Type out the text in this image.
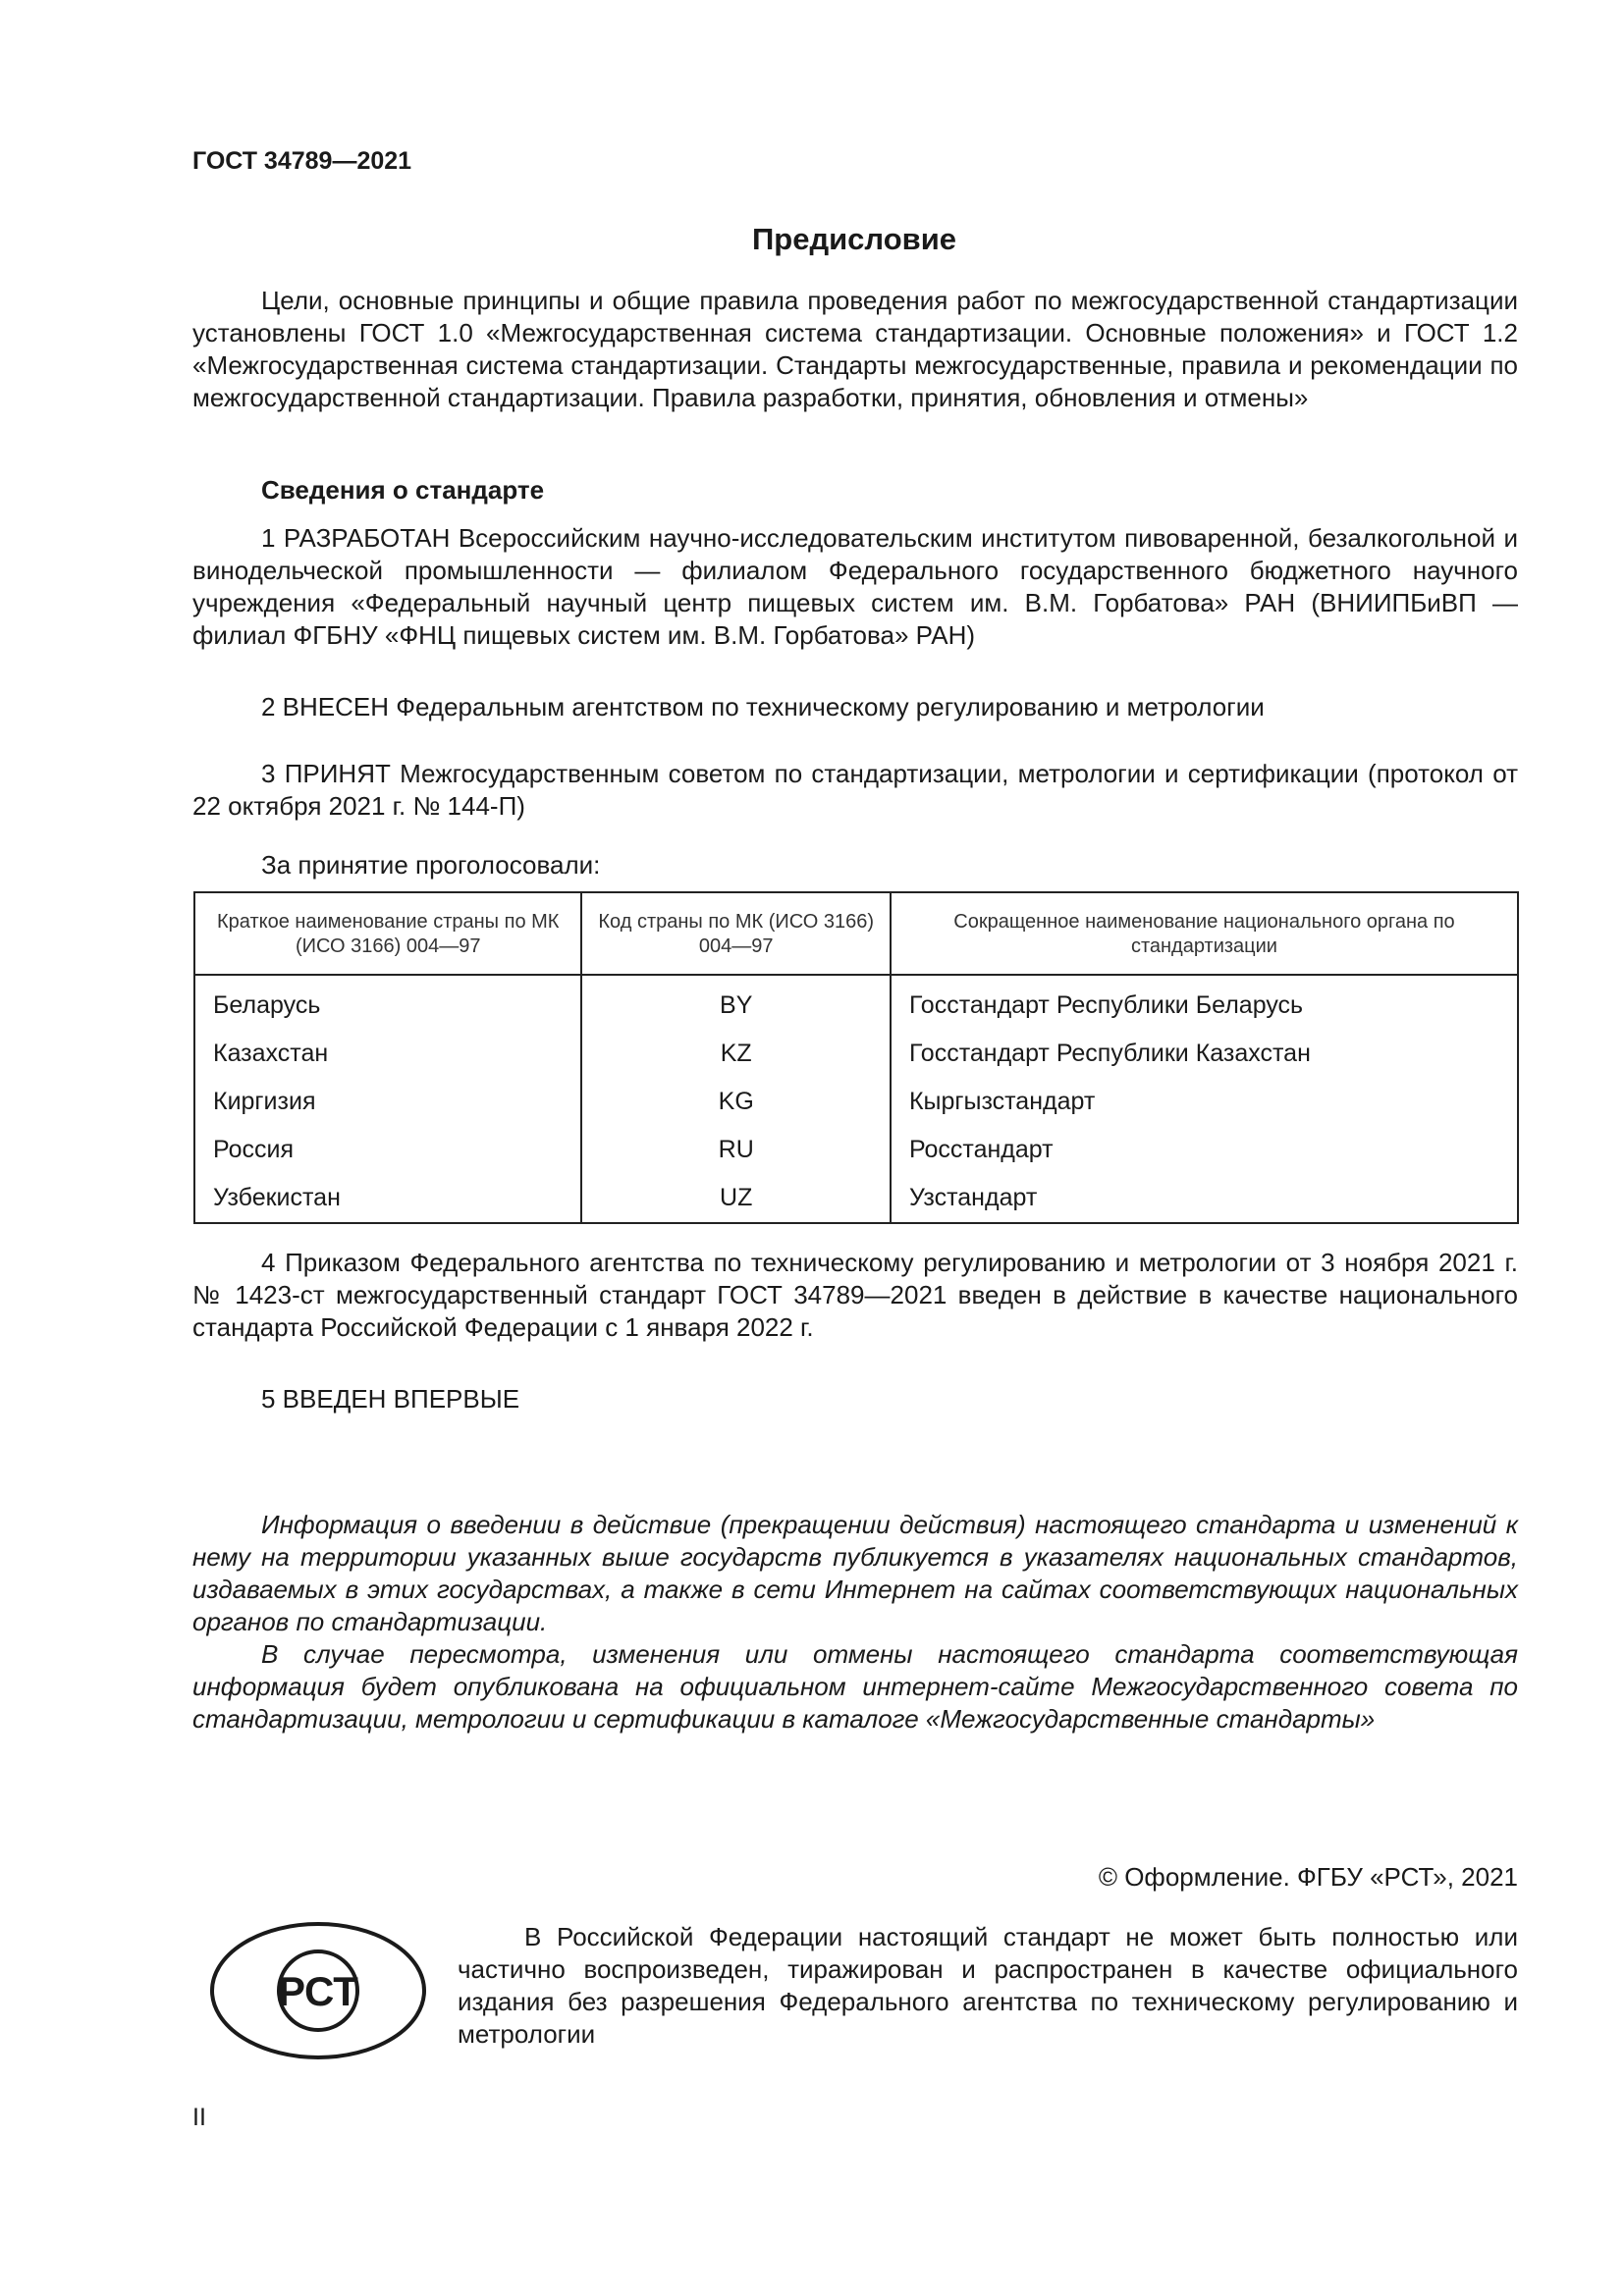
ГОСТ 34789—2021
Предисловие

Цели, основные принципы и общие правила проведения работ по межгосударственной стандартизации установлены ГОСТ 1.0 «Межгосударственная система стандартизации. Основные положения» и ГОСТ 1.2 «Межгосударственная система стандартизации. Стандарты межгосударственные, правила и рекомендации по межгосударственной стандартизации. Правила разработки, принятия, обновления и отмены»

Сведения о стандарте

1 РАЗРАБОТАН Всероссийским научно-исследовательским институтом пивоваренной, безалкогольной и винодельческой промышленности — филиалом Федерального государственного бюджетного научного учреждения «Федеральный научный центр пищевых систем им. В.М. Горбатова» РАН (ВНИИПБиВП — филиал ФГБНУ «ФНЦ пищевых систем им. В.М. Горбатова» РАН)

2 ВНЕСЕН Федеральным агентством по техническому регулированию и метрологии

3 ПРИНЯТ Межгосударственным советом по стандартизации, метрологии и сертификации (протокол от 22 октября 2021 г. № 144-П)

За принятие проголосовали:
Краткое наименование страны по МК (ИСО 3166) 004—97	Код страны по МК (ИСО 3166) 004—97	Сокращенное наименование национального органа по стандартизации
Беларусь	BY	Госстандарт Республики Беларусь
Казахстан	KZ	Госстандарт Республики Казахстан
Киргизия	KG	Кыргызстандарт
Россия	RU	Росстандарт
Узбекистан	UZ	Узстандарт

4 Приказом Федерального агентства по техническому регулированию и метрологии от 3 ноября 2021 г. № 1423-ст межгосударственный стандарт ГОСТ 34789—2021 введен в действие в качестве национального стандарта Российской Федерации с 1 января 2022 г.

5 ВВЕДЕН ВПЕРВЫЕ

Информация о введении в действие (прекращении действия) настоящего стандарта и изменений к нему на территории указанных выше государств публикуется в указателях национальных стандартов, издаваемых в этих государствах, а также в сети Интернет на сайтах соответствующих национальных органов по стандартизации.

В случае пересмотра, изменения или отмены настоящего стандарта соответствующая информация будет опубликована на официальном интернет-сайте Межгосударственного совета по стандартизации, метрологии и сертификации в каталоге «Межгосударственные стандарты»

© Оформление. ФГБУ «РСТ», 2021
РСТ

В Российской Федерации настоящий стандарт не может быть полностью или частично воспроизведен, тиражирован и распространен в качестве официального издания без разрешения Федерального агентства по техническому регулированию и метрологии

II
